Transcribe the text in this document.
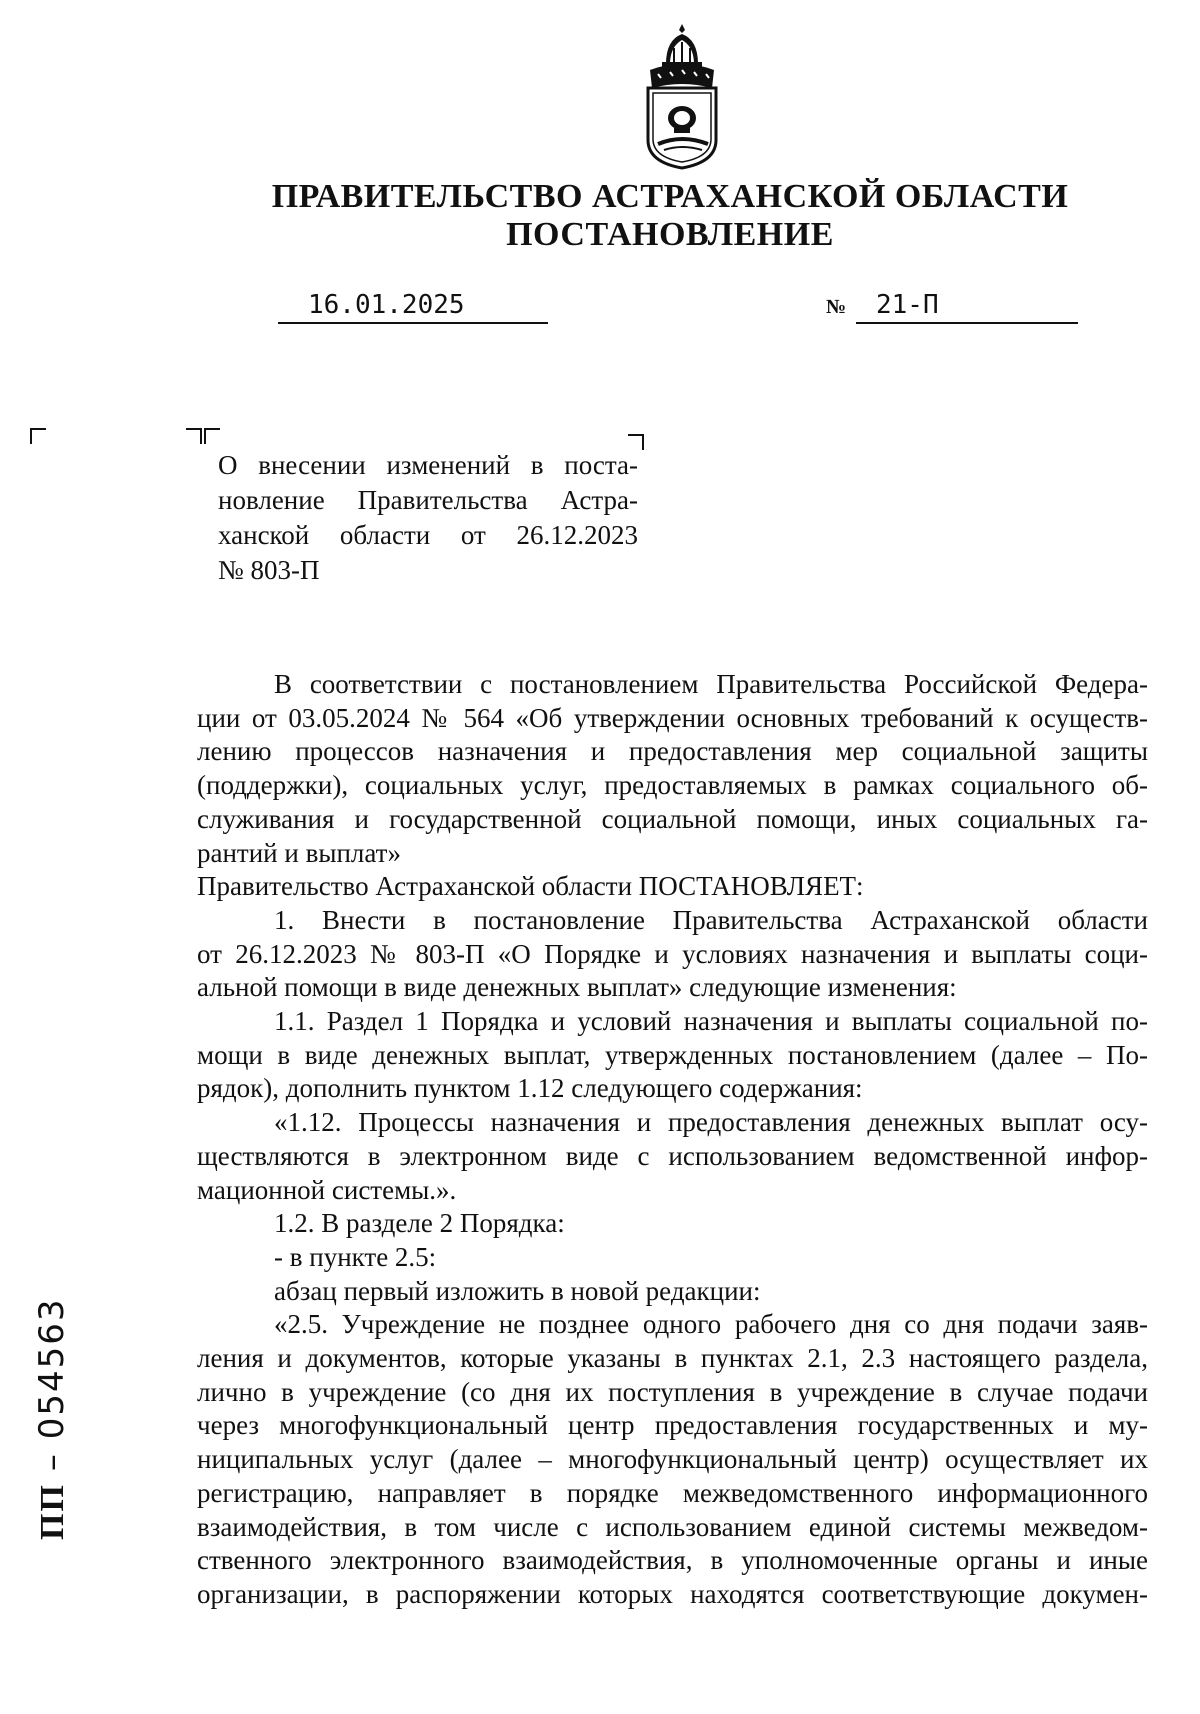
ПРАВИТЕЛЬСТВО АСТРАХАНСКОЙ ОБЛАСТИ
ПОСТАНОВЛЕНИЕ
16.01.2025	№	21-П
О внесении изменений в поста-
новление Правительства Астра-
ханской области от 26.12.2023
№ 803-П
В соответствии с постановлением Правительства Российской Федера-
ции от 03.05.2024 № 564 «Об утверждении основных требований к осуществ-
лению процессов назначения и предоставления мер социальной защиты
(поддержки), социальных услуг, предоставляемых в рамках социального об-
служивания и государственной социальной помощи, иных социальных га-
рантий и выплат»
Правительство Астраханской области ПОСТАНОВЛЯЕТ:
1. Внести в постановление Правительства Астраханской области
от 26.12.2023 № 803-П «О Порядке и условиях назначения и выплаты соци-
альной помощи в виде денежных выплат» следующие изменения:
1.1. Раздел 1 Порядка и условий назначения и выплаты социальной по-
мощи в виде денежных выплат, утвержденных постановлением (далее – По-
рядок), дополнить пунктом 1.12 следующего содержания:
«1.12. Процессы назначения и предоставления денежных выплат осу-
ществляются в электронном виде с использованием ведомственной инфор-
мационной системы.».
1.2. В разделе 2 Порядка:
- в пункте 2.5:
абзац первый изложить в новой редакции:
«2.5. Учреждение не позднее одного рабочего дня со дня подачи заяв-
ления и документов, которые указаны в пунктах 2.1, 2.3 настоящего раздела,
лично в учреждение (со дня их поступления в учреждение в случае подачи
через многофункциональный центр предоставления государственных и му-
ниципальных услуг (далее – многофункциональный центр) осуществляет их
регистрацию, направляет в порядке межведомственного информационного
взаимодействия, в том числе с использованием единой системы межведом-
ственного электронного взаимодействия, в уполномоченные органы и иные
организации, в распоряжении которых находятся соответствующие докумен-
ПП– 054563
